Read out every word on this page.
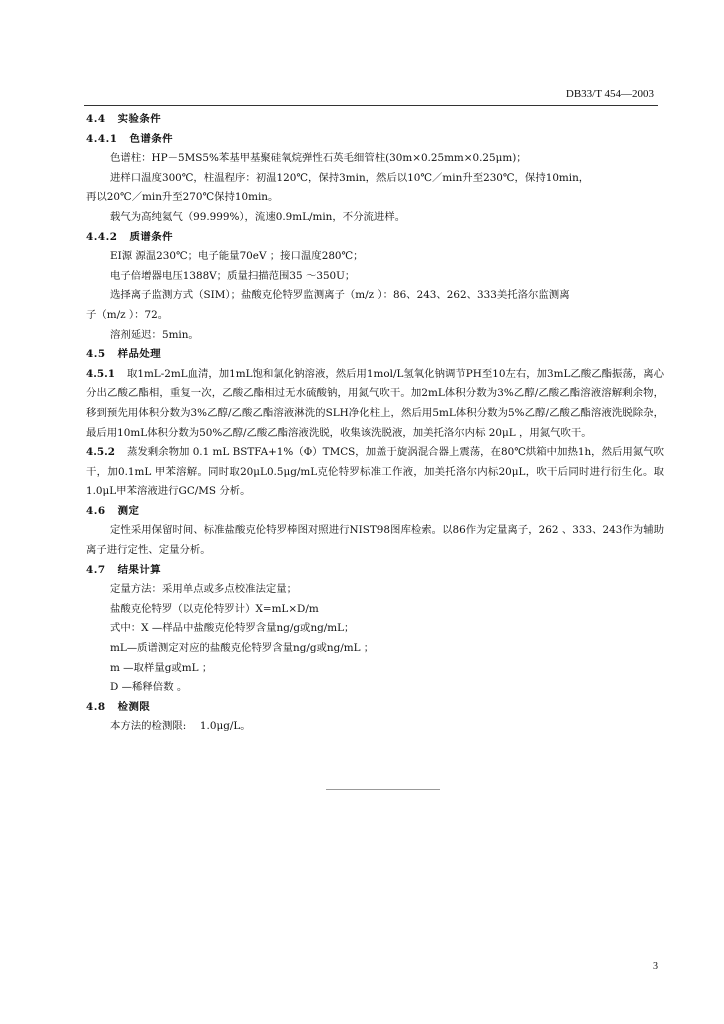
DB33/T 454—2003
4.4 实验条件
4.4.1 色谱条件
色谱柱：HP－5MS5%苯基甲基聚硅氧烷弹性石英毛细管柱(30m×0.25mm×0.25μm)；
进样口温度300℃，柱温程序：初温120℃，保持3min，然后以10℃／min升至230℃，保持10min，
再以20℃／min升至270℃保持10min。
载气为高纯氦气（99.999%），流速0.9mL/min，不分流进样。
4.4.2 质谱条件
EI源 源温230℃；电子能量70eV ；接口温度280℃；
电子倍增器电压1388V；质量扫描范围35 ～350U；
选择离子监测方式（SIM）；盐酸克伦特罗监测离子（m/z ）：86、243、262、333美托洛尔监测离
子（m/z ）：72。
溶剂延迟：5min。
4.5 样品处理
4.5.1 取1mL-2mL血清，加1mL饱和氯化钠溶液，然后用1mol/L氢氧化钠调节PH至10左右，加3mL乙酸乙酯振荡，离心分出乙酸乙酯相，重复一次，乙酸乙酯相过无水硫酸钠，用氮气吹干。加2mL体积分数为3%乙醇/乙酸乙酯溶液溶解剩余物，移到预先用体积分数为3%乙醇/乙酸乙酯溶液淋洗的SLH净化柱上，然后用5mL体积分数为5%乙醇/乙酸乙酯溶液洗脱除杂，最后用10mL体积分数为50%乙醇/乙酸乙酯溶液洗脱，收集该洗脱液，加美托洛尔内标 20μL ，用氮气吹干。
4.5.2 蒸发剩余物加 0.1 mL BSTFA+1%（Φ）TMCS，加盖于旋涡混合器上震荡，在80℃烘箱中加热1h，然后用氮气吹干，加0.1mL 甲苯溶解。同时取20μL0.5μg/mL克伦特罗标准工作液，加美托洛尔内标20μL，吹干后同时进行衍生化。取1.0μL甲苯溶液进行GC/MS 分析。
4.6 测定
定性采用保留时间、标准盐酸克伦特罗棒图对照进行NIST98图库检索。以86作为定量离子，262 、333、243作为辅助离子进行定性、定量分析。
4.7 结果计算
定量方法：采用单点或多点校准法定量；
盐酸克伦特罗（以克伦特罗计）X=mL×D/m
式中：X —样品中盐酸克伦特罗含量ng/g或ng/mL；
mL—质谱测定对应的盐酸克伦特罗含量ng/g或ng/mL ；
m —取样量g或mL ；
D —稀释倍数 。
4.8 检测限
本方法的检测限:　 1.0μg/L。
3
